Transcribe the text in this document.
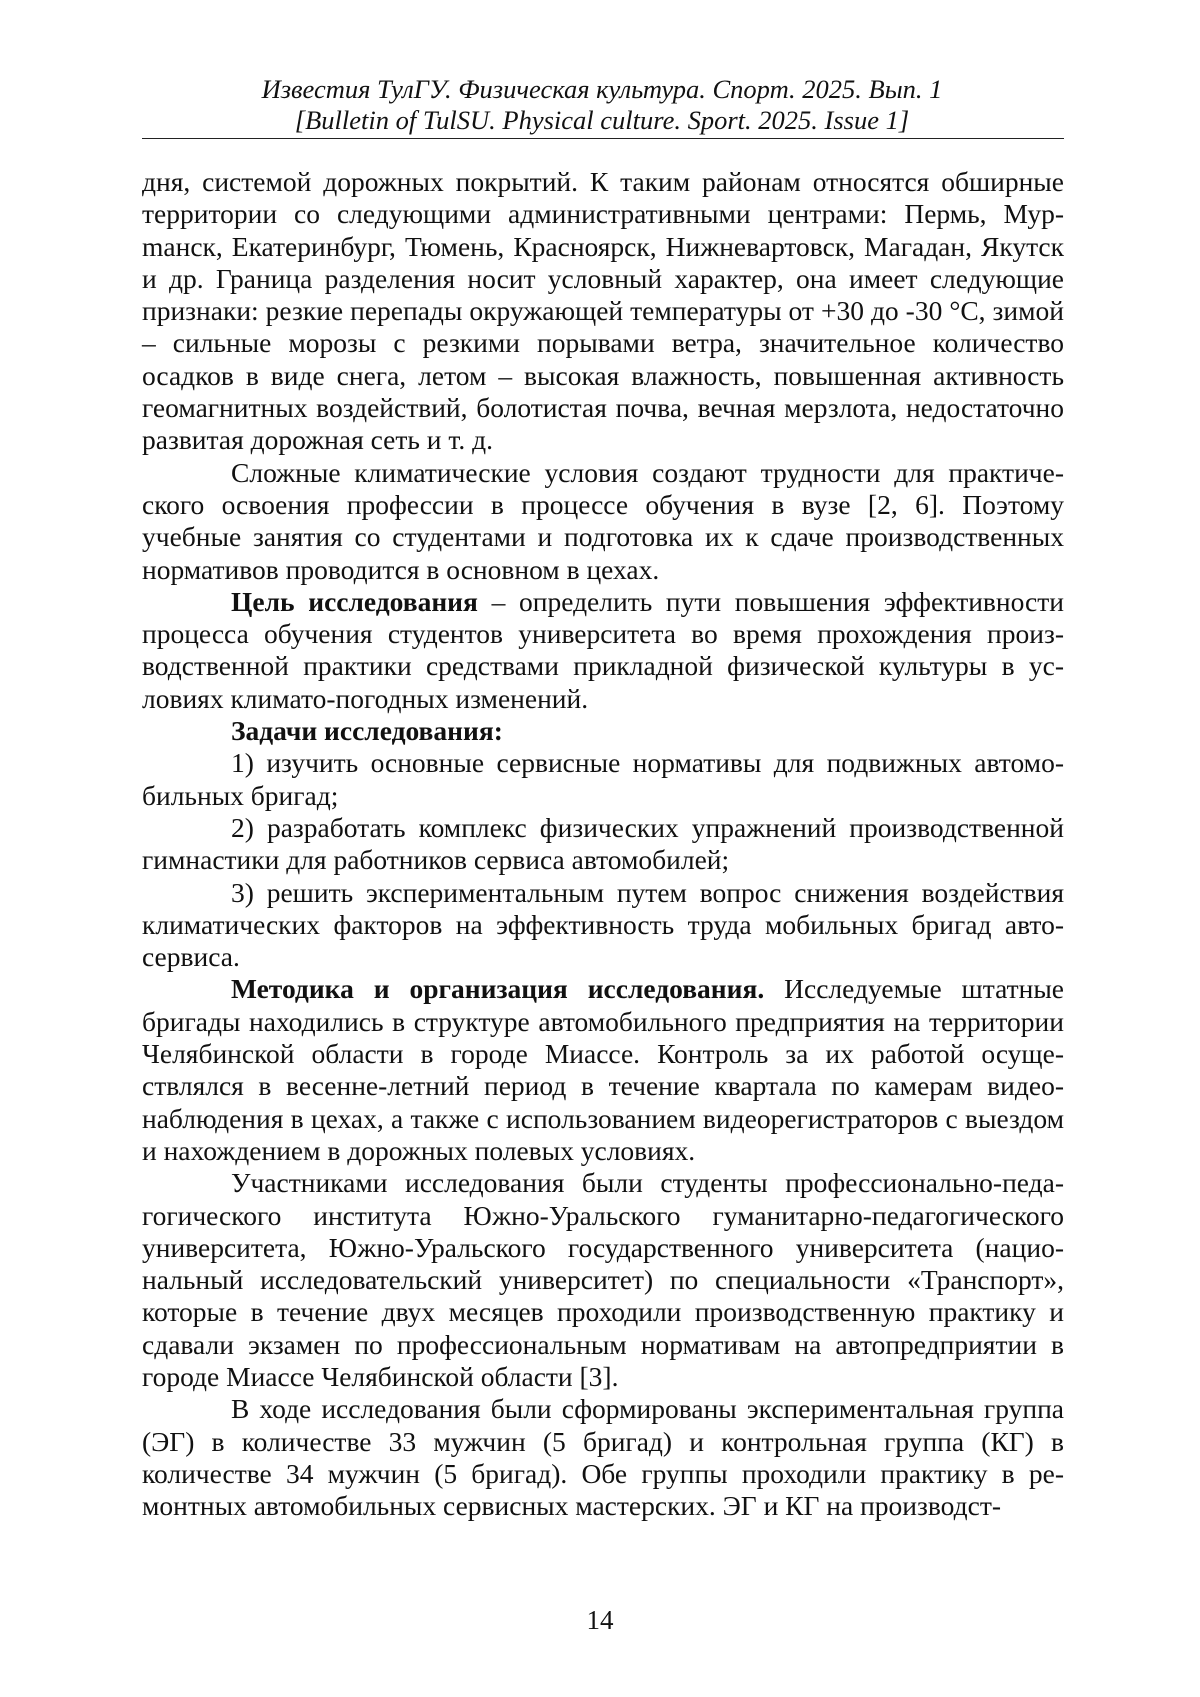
Известия ТулГУ. Физическая культура. Спорт. 2025. Вып. 1
[Bulletin of TulSU. Physical culture. Sport. 2025. Issue 1]

дня, системой дорожных покрытий. К таким районам относятся обширные территории со следующими административными центрами: Пермь, Мурmанск, Екатеринбург, Тюмень, Красноярск, Нижневартовск, Магадан, Якутск и др. Граница разделения носит условный характер, она имеет следующие признаки: резкие перепады окружающей температуры от +30 до -30 °С, зимой – сильные морозы с резкими порывами ветра, значительное количество осадков в виде снега, летом – высокая влажность, повышенная активность геомагнитных воздействий, болотистая почва, вечная мерзлота, недостаточно развитая дорожная сеть и т. д.

Сложные климатические условия создают трудности для практического освоения профессии в процессе обучения в вузе [2, 6]. Поэтому учебные занятия со студентами и подготовка их к сдаче производственных нормативов проводится в основном в цехах.

Цель исследования – определить пути повышения эффективности процесса обучения студентов университета во время прохождения производственной практики средствами прикладной физической культуры в условиях климато-погодных изменений.

Задачи исследования:

1) изучить основные сервисные нормативы для подвижных автомобильных бригад;

2) разработать комплекс физических упражнений производственной гимнастики для работников сервиса автомобилей;

3) решить экспериментальным путем вопрос снижения воздействия климатических факторов на эффективность труда мобильных бригад автосервиса.

Методика и организация исследования. Исследуемые штатные бригады находились в структуре автомобильного предприятия на территории Челябинской области в городе Миассе. Контроль за их работой осуществлялся в весенне-летний период в течение квартала по камерам видеонаблюдения в цехах, а также с использованием видеорегистраторов с выездом и нахождением в дорожных полевых условиях.

Участниками исследования были студенты профессионально-педагогического института Южно-Уральского гуманитарно-педагогического университета, Южно-Уральского государственного университета (национальный исследовательский университет) по специальности «Транспорт», которые в течение двух месяцев проходили производственную практику и сдавали экзамен по профессиональным нормативам на автопредприятии в городе Миассе Челябинской области [3].

В ходе исследования были сформированы экспериментальная группа (ЭГ) в количестве 33 мужчин (5 бригад) и контрольная группа (КГ) в количестве 34 мужчин (5 бригад). Обе группы проходили практику в ремонтных автомобильных сервисных мастерских. ЭГ и КГ на производст-

14
